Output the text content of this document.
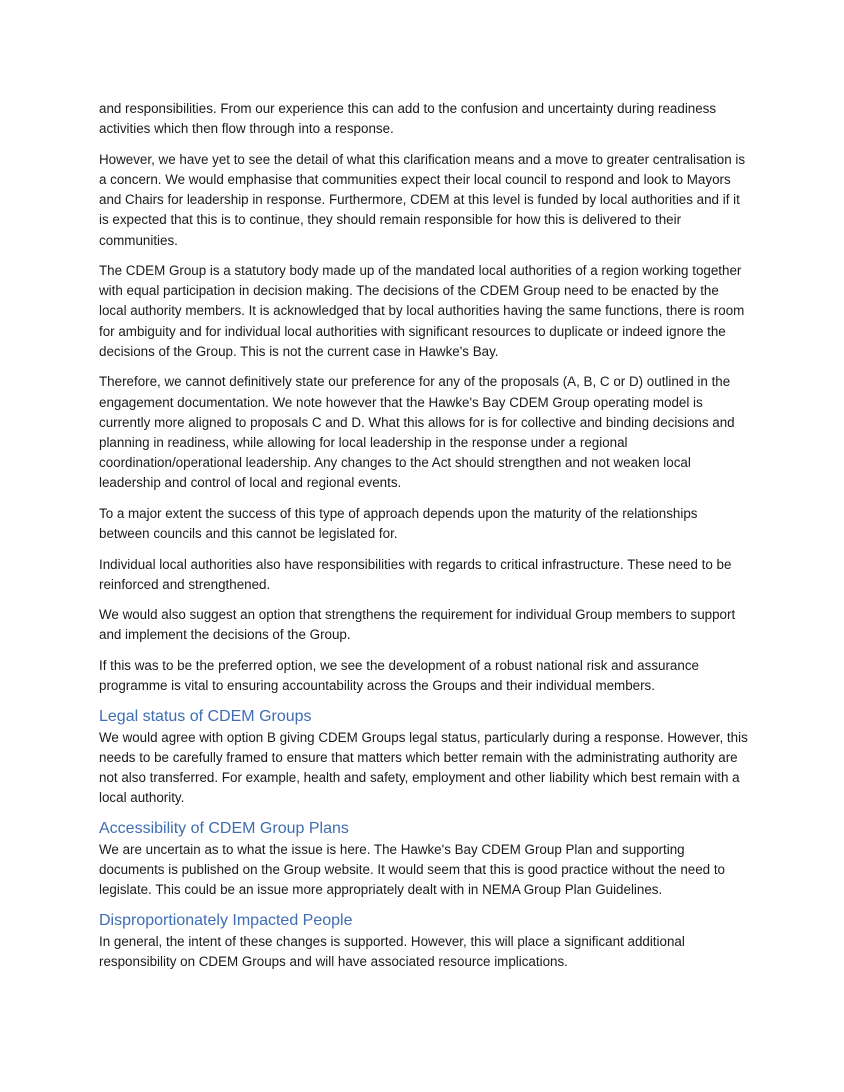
and responsibilities. From our experience this can add to the confusion and uncertainty during readiness activities which then flow through into a response.

However, we have yet to see the detail of what this clarification means and a move to greater centralisation is a concern. We would emphasise that communities expect their local council to respond and look to Mayors and Chairs for leadership in response. Furthermore, CDEM at this level is funded by local authorities and if it is expected that this is to continue, they should remain responsible for how this is delivered to their communities.

The CDEM Group is a statutory body made up of the mandated local authorities of a region working together with equal participation in decision making. The decisions of the CDEM Group need to be enacted by the local authority members. It is acknowledged that by local authorities having the same functions, there is room for ambiguity and for individual local authorities with significant resources to duplicate or indeed ignore the decisions of the Group. This is not the current case in Hawke's Bay.

Therefore, we cannot definitively state our preference for any of the proposals (A, B, C or D) outlined in the engagement documentation. We note however that the Hawke's Bay CDEM Group operating model is currently more aligned to proposals C and D. What this allows for is for collective and binding decisions and planning in readiness, while allowing for local leadership in the response under a regional coordination/operational leadership. Any changes to the Act should strengthen and not weaken local leadership and control of local and regional events.

To a major extent the success of this type of approach depends upon the maturity of the relationships between councils and this cannot be legislated for.

Individual local authorities also have responsibilities with regards to critical infrastructure. These need to be reinforced and strengthened.

We would also suggest an option that strengthens the requirement for individual Group members to support and implement the decisions of the Group.

If this was to be the preferred option, we see the development of a robust national risk and assurance programme is vital to ensuring accountability across the Groups and their individual members.

Legal status of CDEM Groups

We would agree with option B giving CDEM Groups legal status, particularly during a response. However, this needs to be carefully framed to ensure that matters which better remain with the administrating authority are not also transferred. For example, health and safety, employment and other liability which best remain with a local authority.

Accessibility of CDEM Group Plans

We are uncertain as to what the issue is here. The Hawke's Bay CDEM Group Plan and supporting documents is published on the Group website. It would seem that this is good practice without the need to legislate. This could be an issue more appropriately dealt with in NEMA Group Plan Guidelines.

Disproportionately Impacted People

In general, the intent of these changes is supported. However, this will place a significant additional responsibility on CDEM Groups and will have associated resource implications.
